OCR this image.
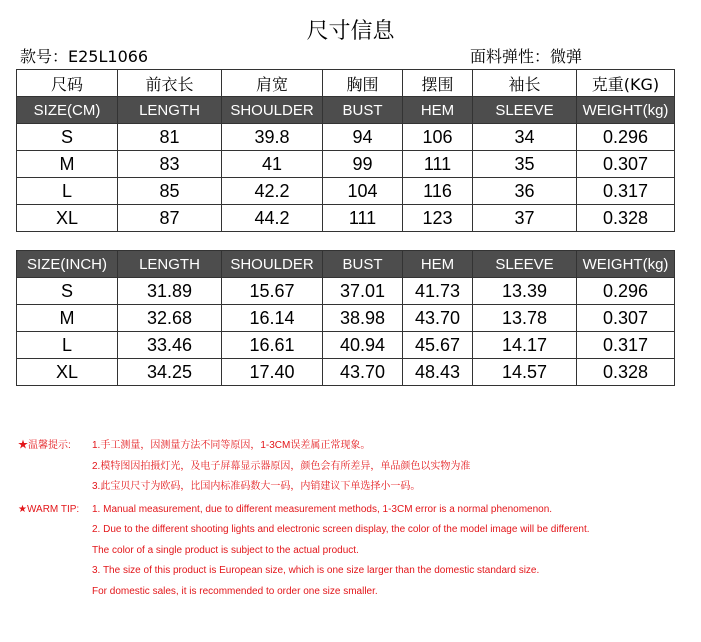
尺寸信息
款号：E25L1066	面料弹性：微弹
尺码	前衣长	肩宽	胸围	摆围	袖长	克重(KG)
SIZE(CM)	LENGTH	SHOULDER	BUST	HEM	SLEEVE	WEIGHT(kg)
S	81	39.8	94	106	34	0.296
M	83	41	99	111	35	0.307
L	85	42.2	104	116	36	0.317
XL	87	44.2	111	123	37	0.328
SIZE(INCH)	LENGTH	SHOULDER	BUST	HEM	SLEEVE	WEIGHT(kg)
S	31.89	15.67	37.01	41.73	13.39	0.296
M	32.68	16.14	38.98	43.70	13.78	0.307
L	33.46	16.61	40.94	45.67	14.17	0.317
XL	34.25	17.40	43.70	48.43	14.57	0.328
★温馨提示:	1.手工测量，因测量方法不同等原因，1-3CM误差属正常现象。
2.模特图因拍摄灯光，及电子屏幕显示器原因，颜色会有所差异，单品颜色以实物为准
3.此宝贝尺寸为欧码，比国内标准码数大一码，内销建议下单选择小一码。
★WARM TIP:	1. Manual measurement, due to different measurement methods, 1-3CM error is a normal phenomenon.
2. Due to the different shooting lights and electronic screen display, the color of the model image will be different.
The color of a single product is subject to the actual product.
3. The size of this product is European size, which is one size larger than the domestic standard size.
For domestic sales, it is recommended to order one size smaller.
